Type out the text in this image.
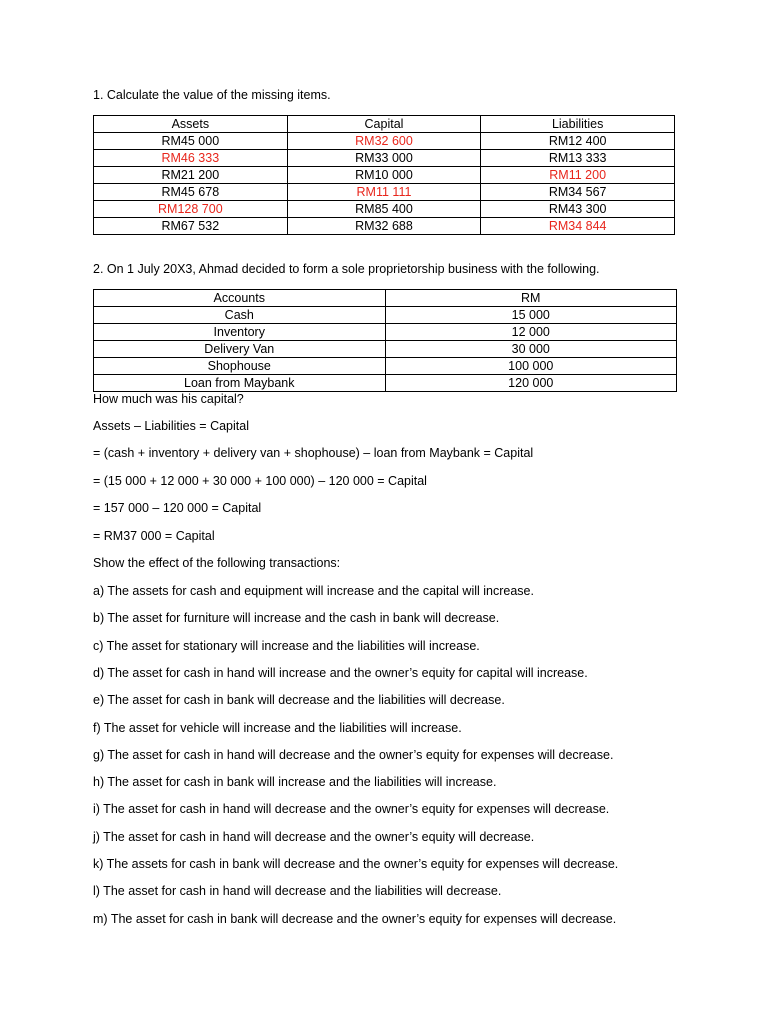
1. Calculate the value of the missing items.
Assets	Capital	Liabilities
RM45 000	RM32 600	RM12 400
RM46 333	RM33 000	RM13 333
RM21 200	RM10 000	RM11 200
RM45 678	RM11 111	RM34 567
RM128 700	RM85 400	RM43 300
RM67 532	RM32 688	RM34 844
2. On 1 July 20X3, Ahmad decided to form a sole proprietorship business with the following.
Accounts	RM
Cash	15 000
Inventory	12 000
Delivery Van	30 000
Shophouse	100 000
Loan from Maybank	120 000
How much was his capital?
Assets – Liabilities = Capital
= (cash + inventory + delivery van + shophouse) – loan from Maybank = Capital
= (15 000 + 12 000 + 30 000 + 100 000) – 120 000 = Capital
= 157 000 – 120 000 = Capital
= RM37 000 = Capital
Show the effect of the following transactions:
a) The assets for cash and equipment will increase and the capital will increase.
b) The asset for furniture will increase and the cash in bank will decrease.
c) The asset for stationary will increase and the liabilities will increase.
d) The asset for cash in hand will increase and the owner’s equity for capital will increase.
e) The asset for cash in bank will decrease and the liabilities will decrease.
f) The asset for vehicle will increase and the liabilities will increase.
g) The asset for cash in hand will decrease and the owner’s equity for expenses will decrease.
h) The asset for cash in bank will increase and the liabilities will increase.
i) The asset for cash in hand will decrease and the owner’s equity for expenses will decrease.
j) The asset for cash in hand will decrease and the owner’s equity will decrease.
k) The assets for cash in bank will decrease and the owner’s equity for expenses will decrease.
l) The asset for cash in hand will decrease and the liabilities will decrease.
m) The asset for cash in bank will decrease and the owner’s equity for expenses will decrease.
